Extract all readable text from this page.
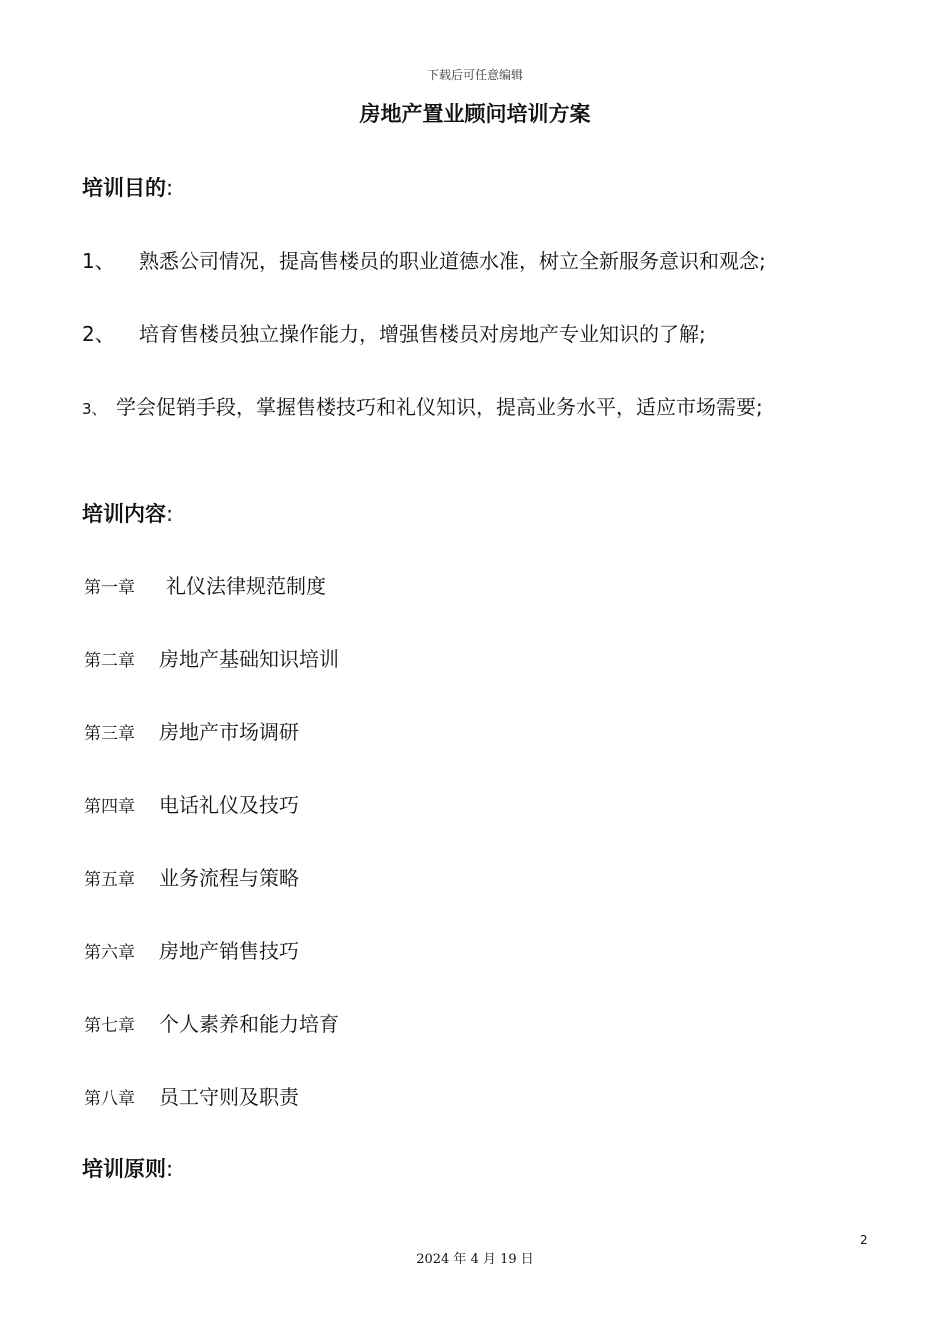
下载后可任意编辑
房地产置业顾问培训方案
培训目的:
1、 熟悉公司情况，提高售楼员的职业道德水准，树立全新服务意识和观念;
2、 培育售楼员独立操作能力，增强售楼员对房地产专业知识的了解;
3、 学会促销手段，掌握售楼技巧和礼仪知识，提高业务水平，适应市场需要;
培训内容:
第一章 礼仪法律规范制度
第二章 房地产基础知识培训
第三章 房地产市场调研
第四章 电话礼仪及技巧
第五章 业务流程与策略
第六章 房地产销售技巧
第七章 个人素养和能力培育
第八章 员工守则及职责
培训原则:
2
2024 年 4 月 19 日
